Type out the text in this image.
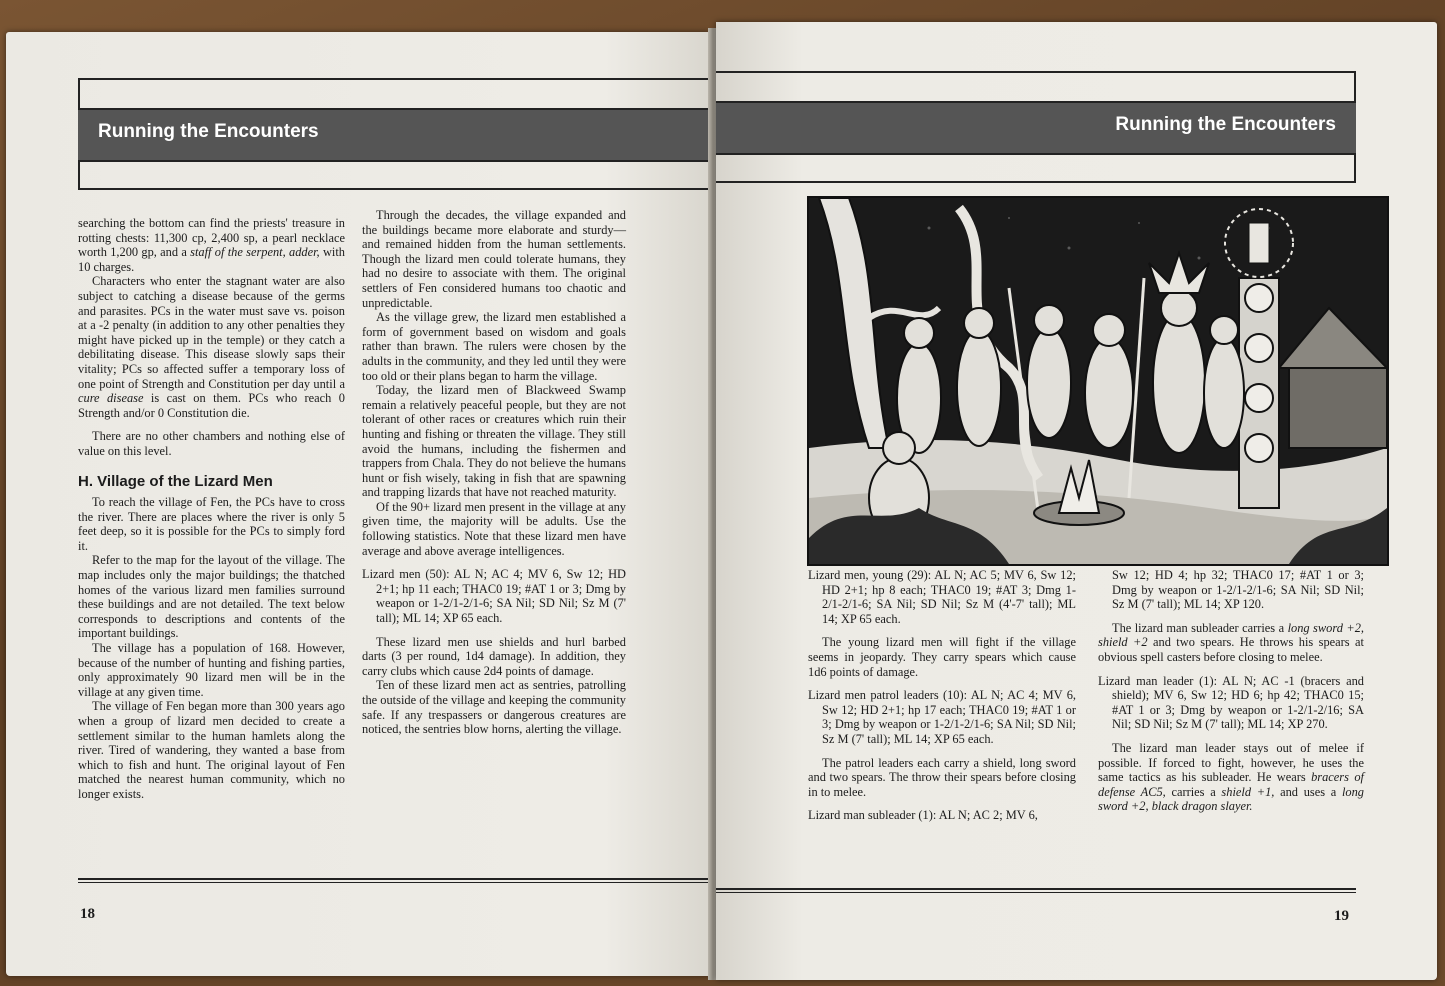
Running the Encounters

searching the bottom can find the priests' treasure in rotting chests: 11,300 cp, 2,400 sp, a pearl necklace worth 1,200 gp, and a staff of the serpent, adder, with 10 charges.

Characters who enter the stagnant water are also subject to catching a disease because of the germs and parasites. PCs in the water must save vs. poison at a -2 penalty (in addition to any other penalties they might have picked up in the temple) or they catch a debilitating disease. This disease slowly saps their vitality; PCs so affected suffer a temporary loss of one point of Strength and Constitution per day until a cure disease is cast on them. PCs who reach 0 Strength and/or 0 Constitution die.

There are no other chambers and nothing else of value on this level.

H. Village of the Lizard Men

To reach the village of Fen, the PCs have to cross the river. There are places where the river is only 5 feet deep, so it is possible for the PCs to simply ford it.

Refer to the map for the layout of the village. The map includes only the major buildings; the thatched homes of the various lizard men families surround these buildings and are not detailed. The text below corresponds to descriptions and contents of the important buildings.

The village has a population of 168. However, because of the number of hunting and fishing parties, only approximately 90 lizard men will be in the village at any given time.

The village of Fen began more than 300 years ago when a group of lizard men decided to create a settlement similar to the human hamlets along the river. Tired of wandering, they wanted a base from which to fish and hunt. The original layout of Fen matched the nearest human community, which no longer exists.

Through the decades, the village expanded and the buildings became more elaborate and sturdy—and remained hidden from the human settlements. Though the lizard men could tolerate humans, they had no desire to associate with them. The original settlers of Fen considered humans too chaotic and unpredictable.

As the village grew, the lizard men established a form of government based on wisdom and goals rather than brawn. The rulers were chosen by the adults in the community, and they led until they were too old or their plans began to harm the village.

Today, the lizard men of Blackweed Swamp remain a relatively peaceful people, but they are not tolerant of other races or creatures which ruin their hunting and fishing or threaten the village. They still avoid the humans, including the fishermen and trappers from Chala. They do not believe the humans hunt or fish wisely, taking in fish that are spawning and trapping lizards that have not reached maturity.

Of the 90+ lizard men present in the village at any given time, the majority will be adults. Use the following statistics. Note that these lizard men have average and above average intelligences.

Lizard men (50): AL N; AC 4; MV 6, Sw 12; HD 2+1; hp 11 each; THAC0 19; #AT 1 or 3; Dmg by weapon or 1-2/1-2/1-6; SA Nil; SD Nil; Sz M (7' tall); ML 14; XP 65 each.

These lizard men use shields and hurl barbed darts (3 per round, 1d4 damage). In addition, they carry clubs which cause 2d4 points of damage.

Ten of these lizard men act as sentries, patrolling the outside of the village and keeping the community safe. If any trespassers or dangerous creatures are noticed, the sentries blow horns, alerting the village.

18
Running the Encounters

Lizard men, young (29): AL N; AC 5; MV 6, Sw 12; HD 2+1; hp 8 each; THAC0 19; #AT 3; Dmg 1-2/1-2/1-6; SA Nil; SD Nil; Sz M (4'-7' tall); ML 14; XP 65 each.

The young lizard men will fight if the village seems in jeopardy. They carry spears which cause 1d6 points of damage.

Lizard men patrol leaders (10): AL N; AC 4; MV 6, Sw 12; HD 2+1; hp 17 each; THAC0 19; #AT 1 or 3; Dmg by weapon or 1-2/1-2/1-6; SA Nil; SD Nil; Sz M (7' tall); ML 14; XP 65 each.

The patrol leaders each carry a shield, long sword and two spears. The throw their spears before closing in to melee.

Lizard man subleader (1): AL N; AC 2; MV 6,

Sw 12; HD 4; hp 32; THAC0 17; #AT 1 or 3; Dmg by weapon or 1-2/1-2/1-6; SA Nil; SD Nil; Sz M (7' tall); ML 14; XP 120.

The lizard man subleader carries a long sword +2, shield +2 and two spears. He throws his spears at obvious spell casters before closing to melee.

Lizard man leader (1): AL N; AC -1 (bracers and shield); MV 6, Sw 12; HD 6; hp 42; THAC0 15; #AT 1 or 3; Dmg by weapon or 1-2/1-2/16; SA Nil; SD Nil; Sz M (7' tall); ML 14; XP 270.

The lizard man leader stays out of melee if possible. If forced to fight, however, he uses the same tactics as his subleader. He wears bracers of defense AC5, carries a shield +1, and uses a long sword +2, black dragon slayer.

19
